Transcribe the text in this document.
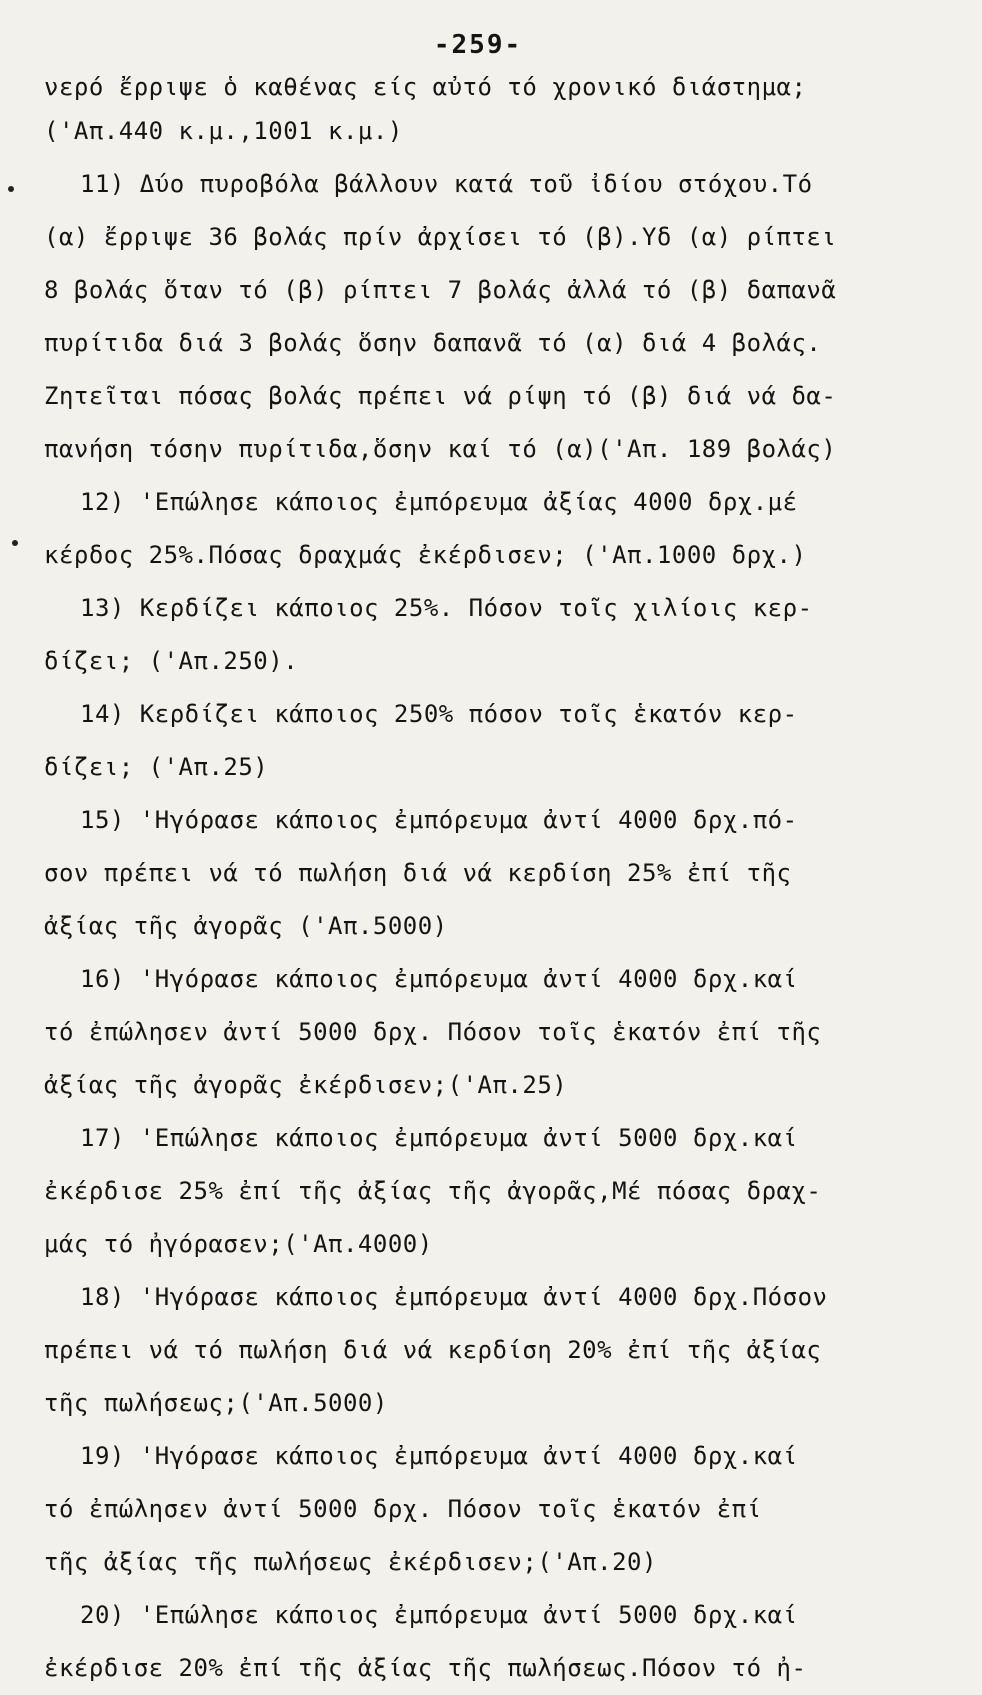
-259-
νερό ἔρριψε ὁ καθένας είς αὐτό τό χρονικό διάστημα;
('Απ.440 κ.μ.,1001 κ.μ.)
11) Δύο πυροβόλα βάλλουν κατά τοῦ ἰδίου στόχου.Τό
(α) ἔρριψε 36 βολάς πρίν ἀρχίσει τό (β).Υδ (α) ρίπτει
8 βολάς ὅταν τό (β) ρίπτει 7 βολάς ἀλλά τό (β) δαπανᾶ
πυρίτιδα διά 3 βολάς ὅσην δαπανᾶ τό (α) διά 4 βολάς.
Ζητεῖται πόσας βολάς πρέπει νά ρίψη τό (β) διά νά δα-
πανήση τόσην πυρίτιδα,ὅσην καί τό (α)('Απ. 189 βολάς)
12) 'Επώλησε κάποιος ἐμπόρευμα ἀξίας 4000 δρχ.μέ
κέρδος 25%.Πόσας δραχμάς ἐκέρδισεν; ('Απ.1000 δρχ.)
13) Κερδίζει κάποιος 25%. Πόσον τοῖς χιλίοις κερ-
δίζει; ('Απ.250).
14) Κερδίζει κάποιος 250% πόσον τοῖς ἑκατόν κερ-
δίζει; ('Απ.25)
15) 'Ηγόρασε κάποιος ἐμπόρευμα ἀντί 4000 δρχ.πό-
σον πρέπει νά τό πωλήση διά νά κερδίση 25% ἐπί τῆς
ἀξίας τῆς ἀγορᾶς ('Απ.5000)
16) 'Ηγόρασε κάποιος ἐμπόρευμα ἀντί 4000 δρχ.καί
τό ἐπώλησεν ἀντί 5000 δρχ. Πόσον τοῖς ἑκατόν ἐπί τῆς
ἀξίας τῆς ἀγορᾶς ἐκέρδισεν;('Απ.25)
17) 'Επώλησε κάποιος ἐμπόρευμα ἀντί 5000 δρχ.καί
ἐκέρδισε 25% ἐπί τῆς ἀξίας τῆς ἀγορᾶς,Μέ πόσας δραχ-
μάς τό ἠγόρασεν;('Απ.4000)
18) 'Ηγόρασε κάποιος ἐμπόρευμα ἀντί 4000 δρχ.Πόσον
πρέπει νά τό πωλήση διά νά κερδίση 20% ἐπί τῆς ἀξίας
τῆς πωλήσεως;('Απ.5000)
19) 'Ηγόρασε κάποιος ἐμπόρευμα ἀντί 4000 δρχ.καί
τό ἐπώλησεν ἀντί 5000 δρχ. Πόσον τοῖς ἑκατόν ἐπί
τῆς ἀξίας τῆς πωλήσεως ἐκέρδισεν;('Απ.20)
20) 'Επώλησε κάποιος ἐμπόρευμα ἀντί 5000 δρχ.καί
ἐκέρδισε 20% ἐπί τῆς ἀξίας τῆς πωλήσεως.Πόσον τό ἠ-
